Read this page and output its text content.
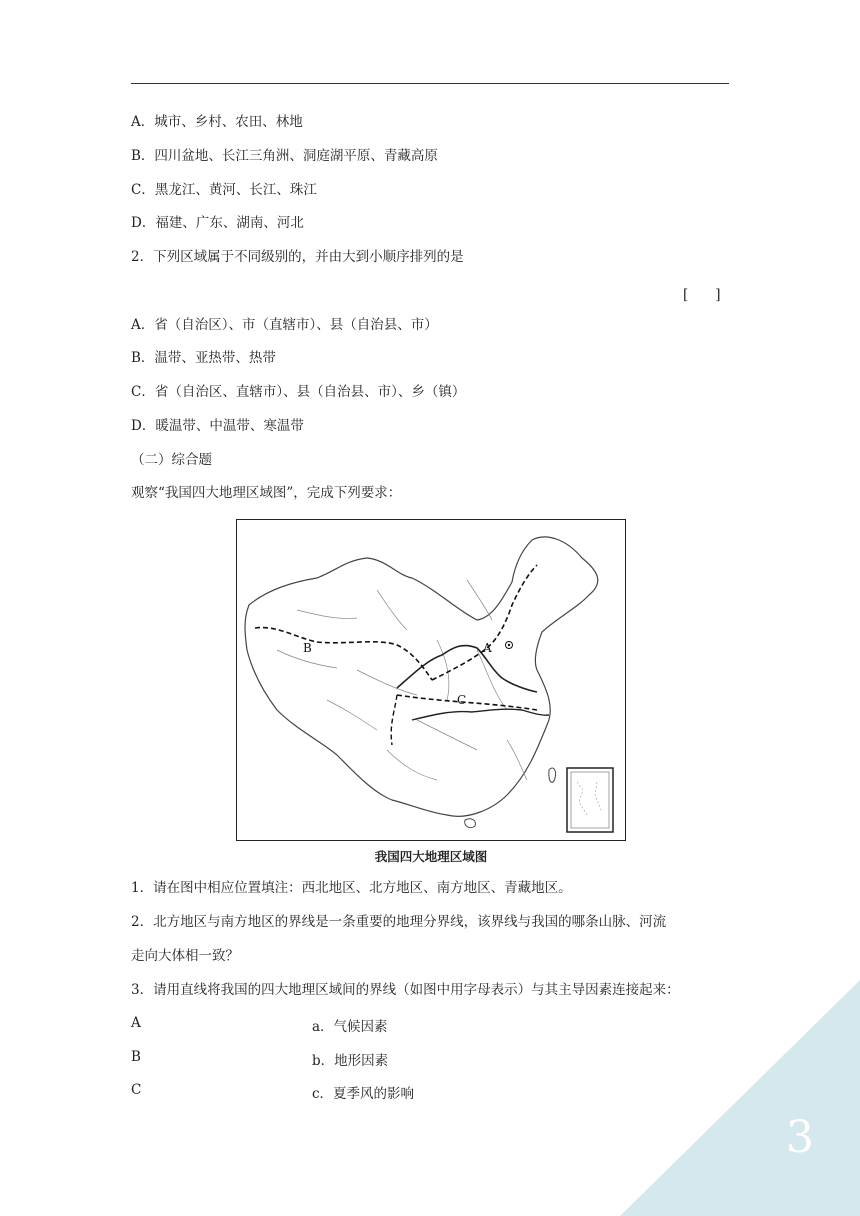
A．城市、乡村、农田、林地
B．四川盆地、长江三角洲、洞庭湖平原、青藏高原
C．黑龙江、黄河、长江、珠江
D．福建、广东、湖南、河北
2．下列区域属于不同级别的，并由大到小顺序排列的是
[　　]
A．省（自治区）、市（直辖市）、县（自治县、市）
B．温带、亚热带、热带
C．省（自治区、直辖市）、县（自治县、市）、乡（镇）
D．暖温带、中温带、寒温带
（二）综合题
观察“我国四大地理区域图”，完成下列要求：
B	A
C
我国四大地理区域图
1．请在图中相应位置填注：西北地区、北方地区、南方地区、青藏地区。
2．北方地区与南方地区的界线是一条重要的地理分界线，该界线与我国的哪条山脉、河流
走向大体相一致？
3．请用直线将我国的四大地理区域间的界线（如图中用字母表示）与其主导因素连接起来：
A	a．气候因素
B	b．地形因素
C	c．夏季风的影响
3
